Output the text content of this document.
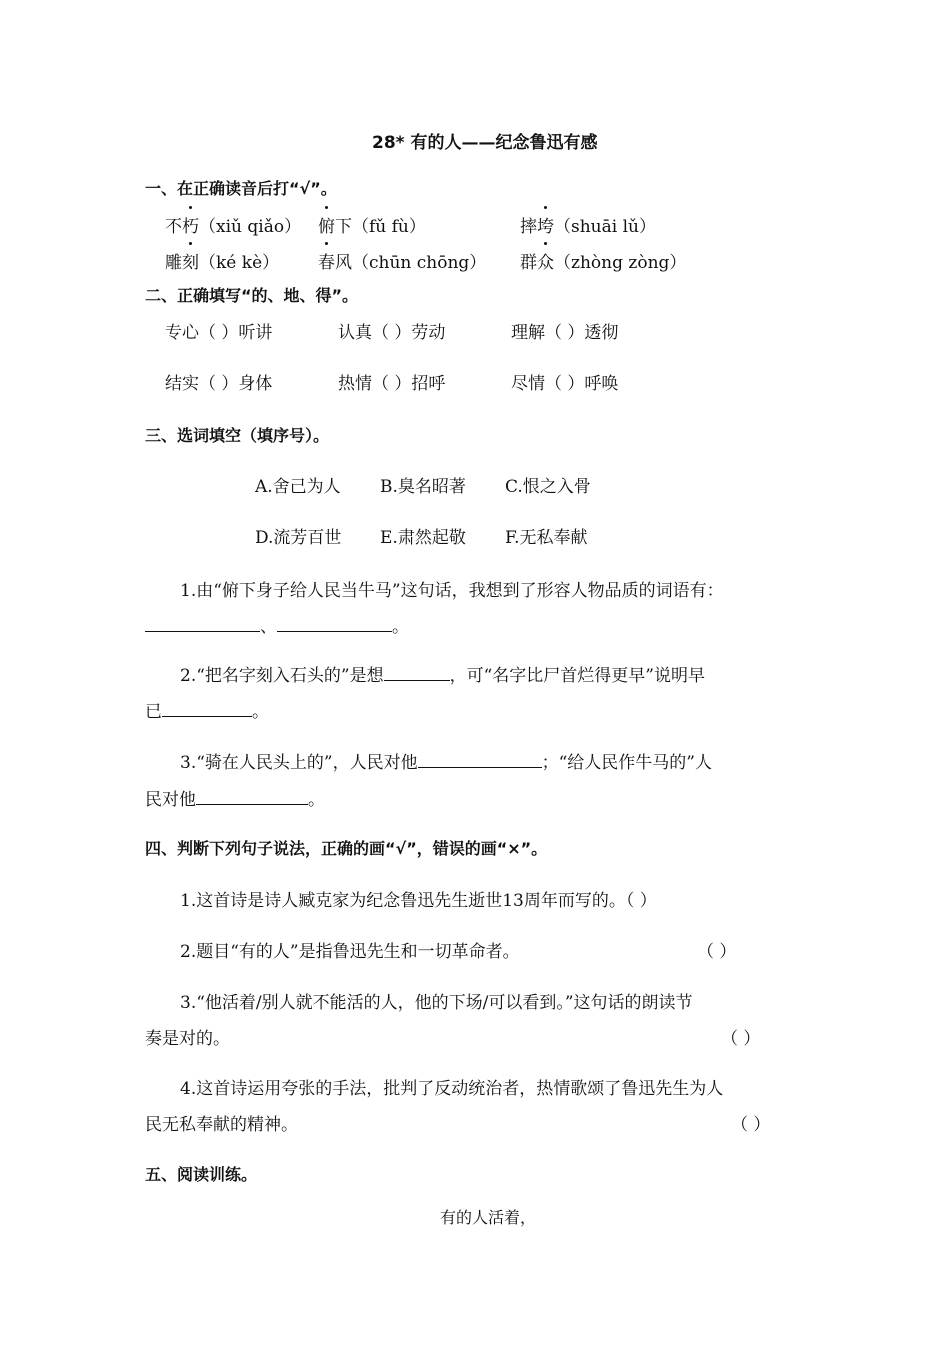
28* 有的人——纪念鲁迅有感
一、在正确读音后打“√”。
不朽（xiǔ qiǎo） 俯下（fǔ fù）	摔垮（shuāi lǔ）
雕刻（ké kè） 春风（chūn chōng） 群众（zhòng zòng）
二、正确填写“的、地、得”。
专心（ ）听讲	认真（ ）劳动	理解（ ）透彻
结实（ ）身体	热情（ ）招呼	尽情（ ）呼唤
三、选词填空（填序号）。
A.舍己为人 B.臭名昭著 C.恨之入骨
D.流芳百世 E.肃然起敬 F.无私奉献
1.由“俯下身子给人民当牛马”这句话，我想到了形容人物品质的词语有：
、	。
2.“把名字刻入石头的”是想	，可“名字比尸首烂得更早”说明早
已	。
3.“骑在人民头上的”，人民对他	；“给人民作牛马的”人
民对他	。
四、判断下列句子说法，正确的画“√”，错误的画“×”。
1.这首诗是诗人臧克家为纪念鲁迅先生逝世13周年而写的。（ ）
2.题目“有的人”是指鲁迅先生和一切革命者。	（ ）
3.“他活着/别人就不能活的人，他的下场/可以看到。”这句话的朗读节
奏是对的。	（ ）
4.这首诗运用夸张的手法，批判了反动统治者，热情歌颂了鲁迅先生为人
民无私奉献的精神。	（ ）
五、阅读训练。
有的人活着，
